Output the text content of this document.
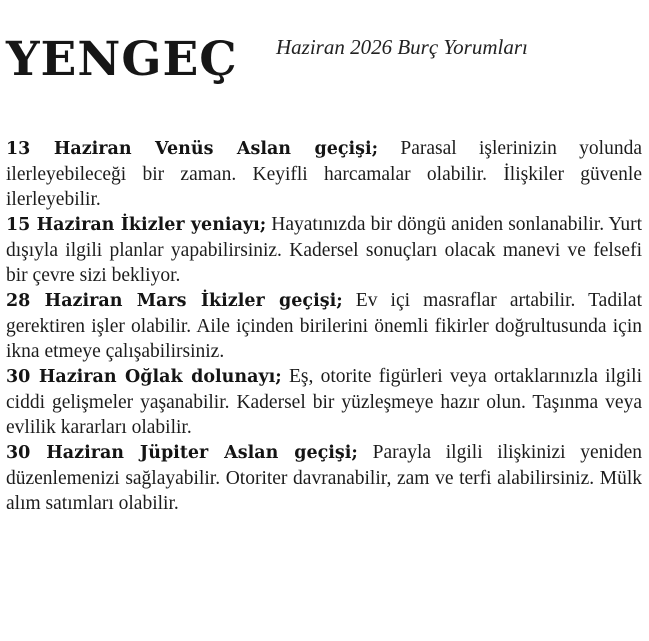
YENGEÇ Haziran 2026 Burç Yorumları

13 Haziran Venüs Aslan geçişi; Parasal işlerinizin yolunda ilerleyebileceği bir zaman. Keyifli harcamalar olabilir. İlişkiler güvenle ilerleyebilir.

15 Haziran İkizler yeniayı; Hayatınızda bir döngü aniden sonlanabilir. Yurt dışıyla ilgili planlar yapabilirsiniz. Kadersel sonuçları olacak manevi ve felsefi bir çevre sizi bekliyor.

28 Haziran Mars İkizler geçişi; Ev içi masraflar artabilir. Tadilat gerektiren işler olabilir. Aile içinden birilerini önemli fikirler doğrultusunda için ikna etmeye çalışabilirsiniz.

30 Haziran Oğlak dolunayı; Eş, otorite figürleri veya ortaklarınızla ilgili ciddi gelişmeler yaşanabilir. Kadersel bir yüzleşmeye hazır olun. Taşınma veya evlilik kararları olabilir.

30 Haziran Jüpiter Aslan geçişi; Parayla ilgili ilişkinizi yeniden düzenlemenizi sağlayabilir. Otoriter davranabilir, zam ve terfi alabilirsiniz. Mülk alım satımları olabilir.
